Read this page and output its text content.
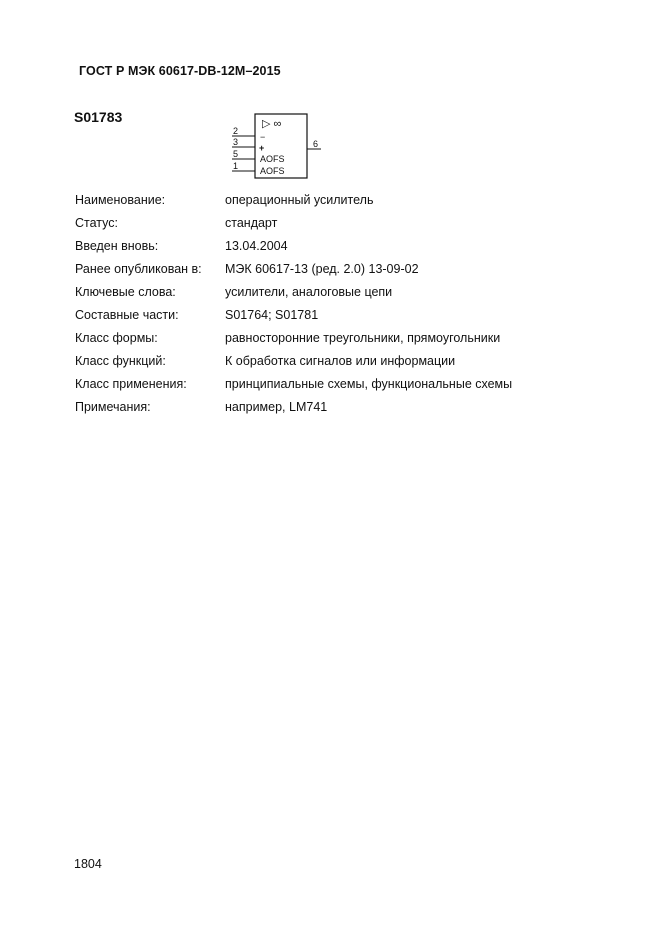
ГОСТ Р МЭК 60617-DB-12M–2015
S01783
2
3
5
1
6
▷ ∞
−
+
AOFS
AOFS
Наименование:	операционный усилитель
Статус:	стандарт
Введен вновь:	13.04.2004
Ранее опубликован в:	МЭК 60617-13 (ред. 2.0) 13-09-02
Ключевые слова:	усилители, аналоговые цепи
Составные части:	S01764; S01781
Класс формы:	равносторонние треугольники, прямоугольники
Класс функций:	К обработка сигналов или информации
Класс применения:	принципиальные схемы, функциональные схемы
Примечания:	например, LM741
1804
